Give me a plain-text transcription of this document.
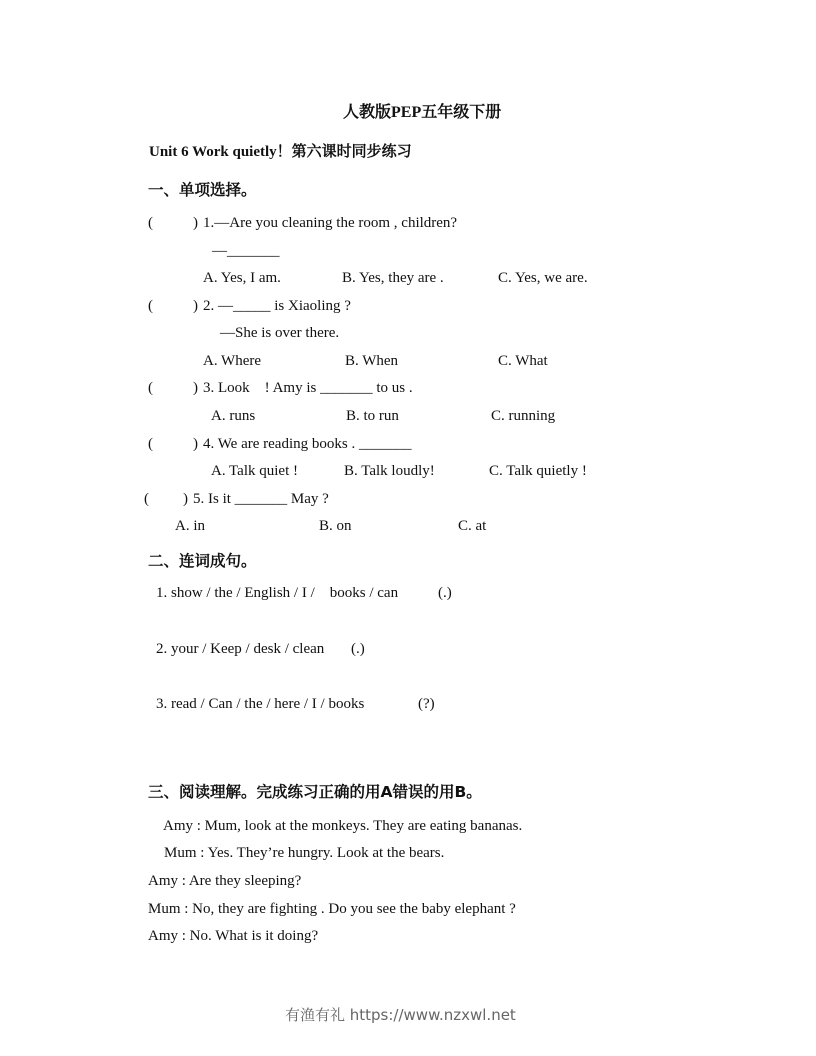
人教版PEP五年级下册
Unit 6 Work quietly！第六课时同步练习
一、单项选择。
(	) 1.—Are you cleaning the room , children?
—_______
A. Yes, I am.	B. Yes, they are .	C. Yes, we are.
(	) 2. —_____ is Xiaoling ?
—She is over there.
A. Where	B. When	C. What
(	) 3. Look    ! Amy is _______ to us .
A. runs	B. to run	C. running
(	) 4. We are reading books . _______
A. Talk quiet !	B. Talk loudly!	C. Talk quietly !
( ) 5. Is it _______ May ?
A. in	B. on	C. at
二、连词成句。
1. show / the / English / I /    books / can	(.)
2. your / Keep / desk / clean (.)
3. read / Can / the / here / I / books	(?)
三、阅读理解。完成练习正确的用A错误的用B。
Amy : Mum, look at the monkeys. They are eating bananas.
Mum : Yes. They’re hungry. Look at the bears.
Amy : Are they sleeping?
Mum : No, they are fighting . Do you see the baby elephant ?
Amy : No. What is it doing?
有渔有礼 https://www.nzxwl.net
